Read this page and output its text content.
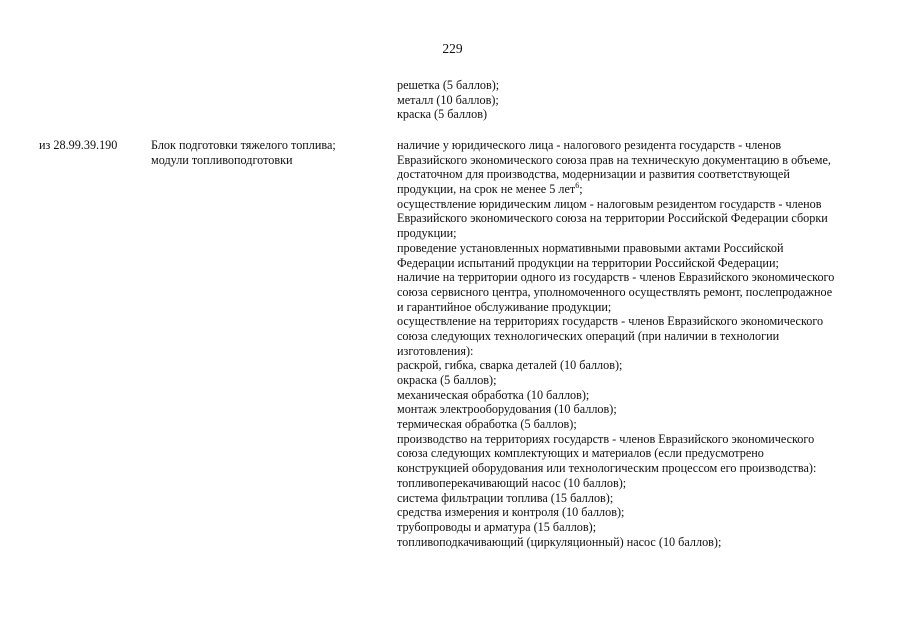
229
решетка (5 баллов);
металл (10 баллов);
краска (5 баллов)
из 28.99.39.190	Блок подготовки тяжелого топлива;
модули топливоподготовки
наличие у юридического лица - налогового резидента государств - членов
Евразийского экономического союза прав на техническую документацию в объеме,
достаточном для производства, модернизации и развития соответствующей
продукции, на срок не менее 5 лет$^6$;
осуществление юридическим лицом - налоговым резидентом государств - членов
Евразийского экономического союза на территории Российской Федерации сборки
продукции;
проведение установленных нормативными правовыми актами Российской
Федерации испытаний продукции на территории Российской Федерации;
наличие на территории одного из государств - членов Евразийского экономического
союза сервисного центра, уполномоченного осуществлять ремонт, послепродажное
и гарантийное обслуживание продукции;
осуществление на территориях государств - членов Евразийского экономического
союза следующих технологических операций (при наличии в технологии
изготовления):
раскрой, гибка, сварка деталей (10 баллов);
окраска (5 баллов);
механическая обработка (10 баллов);
монтаж электрооборудования (10 баллов);
термическая обработка (5 баллов);
производство на территориях государств - членов Евразийского экономического
союза следующих комплектующих и материалов (если предусмотрено
конструкцией оборудования или технологическим процессом его производства):
топливоперекачивающий насос (10 баллов);
система фильтрации топлива (15 баллов);
средства измерения и контроля (10 баллов);
трубопроводы и арматура (15 баллов);
топливоподкачивающий (циркуляционный) насос (10 баллов);
